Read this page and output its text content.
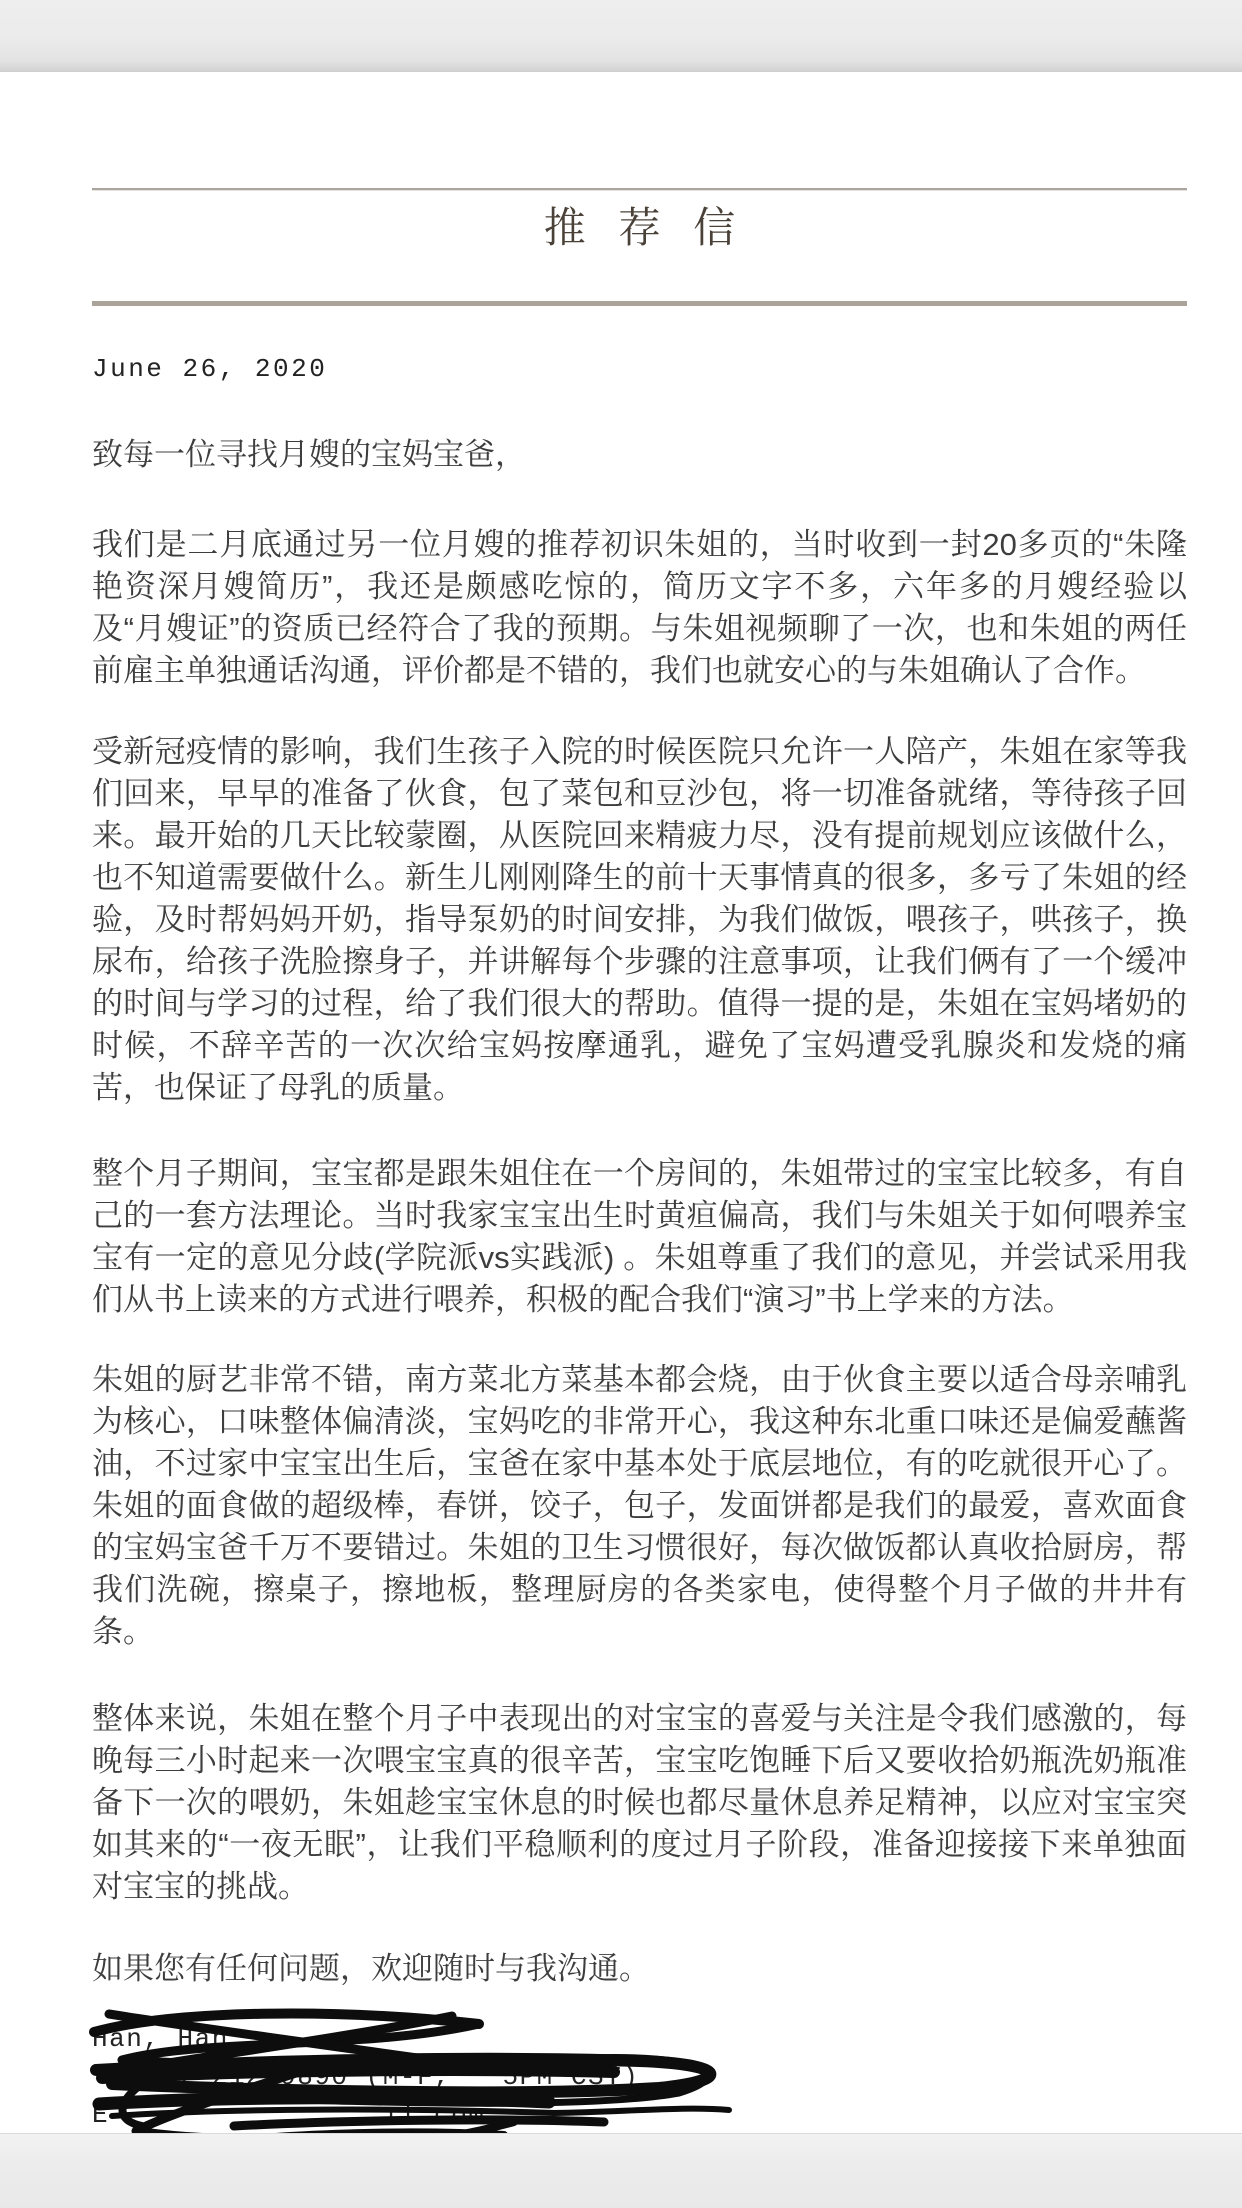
推荐信
June 26, 2020
致每一位寻找月嫂的宝妈宝爸，

我们是二月底通过另一位月嫂的推荐初识朱姐的，当时收到一封20多页的“朱隆艳资深月嫂简历”，我还是颇感吃惊的，简历文字不多，六年多的月嫂经验以及“月嫂证”的资质已经符合了我的预期。与朱姐视频聊了一次，也和朱姐的两任前雇主单独通话沟通，评价都是不错的，我们也就安心的与朱姐确认了合作。

受新冠疫情的影响，我们生孩子入院的时候医院只允许一人陪产，朱姐在家等我们回来，早早的准备了伙食，包了菜包和豆沙包，将一切准备就绪，等待孩子回来。最开始的几天比较蒙圈，从医院回来精疲力尽，没有提前规划应该做什么，也不知道需要做什么。新生儿刚刚降生的前十天事情真的很多，多亏了朱姐的经验，及时帮妈妈开奶，指导泵奶的时间安排，为我们做饭，喂孩子，哄孩子，换尿布，给孩子洗脸擦身子，并讲解每个步骤的注意事项，让我们俩有了一个缓冲的时间与学习的过程，给了我们很大的帮助。值得一提的是，朱姐在宝妈堵奶的时候，不辞辛苦的一次次给宝妈按摩通乳，避免了宝妈遭受乳腺炎和发烧的痛苦，也保证了母乳的质量。

整个月子期间，宝宝都是跟朱姐住在一个房间的，朱姐带过的宝宝比较多，有自己的一套方法理论。当时我家宝宝出生时黄疸偏高，我们与朱姐关于如何喂养宝宝有一定的意见分歧(学院派vs实践派) 。朱姐尊重了我们的意见，并尝试采用我们从书上读来的方式进行喂养，积极的配合我们“演习”书上学来的方法。

朱姐的厨艺非常不错，南方菜北方菜基本都会烧，由于伙食主要以适合母亲哺乳为核心，口味整体偏清淡，宝妈吃的非常开心，我这种东北重口味还是偏爱蘸酱油，不过家中宝宝出生后，宝爸在家中基本处于底层地位，有的吃就很开心了。朱姐的面食做的超级棒，春饼，饺子，包子，发面饼都是我们的最爱，喜欢面食的宝妈宝爸千万不要错过。朱姐的卫生习惯很好，每次做饭都认真收拾厨房，帮我们洗碗，擦桌子，擦地板，整理厨房的各类家电，使得整个月子做的井井有条。

整体来说，朱姐在整个月子中表现出的对宝宝的喜爱与关注是令我们感激的，每晚每三小时起来一次喂宝宝真的很辛苦，宝宝吃饱睡下后又要收拾奶瓶洗奶瓶准备下一次的喂奶，朱姐趁宝宝休息的时候也都尽量休息养足精神，以应对宝宝突如其来的“一夜无眠”，让我们平稳顺利的度过月子阶段，准备迎接接下来单独面对宝宝的挑战。

如果您有任何问题，欢迎随时与我沟通。
Han, Han
917-212-9890 (M-F,   5PM CST)
E                il.com
